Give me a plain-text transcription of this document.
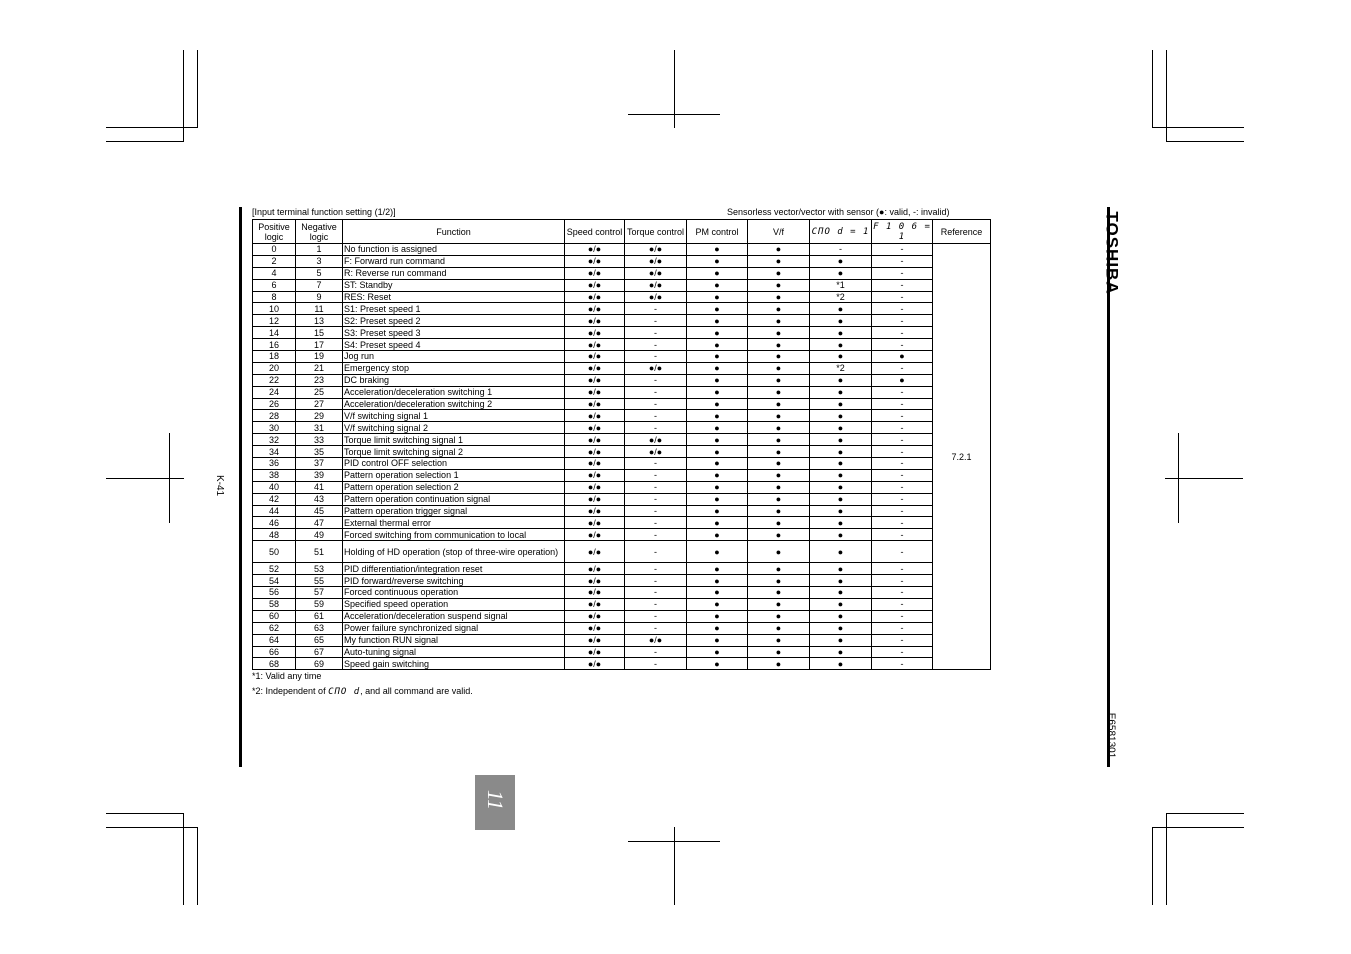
K-41
TOSHIBA
E6581301
11
[Input terminal function setting (1/2)]	Sensorless vector/vector with sensor (●: valid, -: invalid)
Positive logic	Negative logic	Function	Speed control	Torque control	PM control	V/f	СПО d = 1	F 1 0 6 = 1	Reference
0	1	No function is assigned	●/●	●/●	●	●	-	-	7.2.1
2	3	F: Forward run command	●/●	●/●	●	●	●	-	
4	5	R: Reverse run command	●/●	●/●	●	●	●	-	
6	7	ST: Standby	●/●	●/●	●	●	*1	-	
8	9	RES: Reset	●/●	●/●	●	●	*2	-	
10	11	S1: Preset speed 1	●/●	-	●	●	●	-	
12	13	S2: Preset speed 2	●/●	-	●	●	●	-	
14	15	S3: Preset speed 3	●/●	-	●	●	●	-	
16	17	S4: Preset speed 4	●/●	-	●	●	●	-	
18	19	Jog run	●/●	-	●	●	●	●	
20	21	Emergency stop	●/●	●/●	●	●	*2	-	
22	23	DC braking	●/●	-	●	●	●	●	
24	25	Acceleration/deceleration switching 1	●/●	-	●	●	●	-	
26	27	Acceleration/deceleration switching 2	●/●	-	●	●	●	-	
28	29	V/f switching signal 1	●/●	-	●	●	●	-	
30	31	V/f switching signal 2	●/●	-	●	●	●	-	
32	33	Torque limit switching signal 1	●/●	●/●	●	●	●	-	
34	35	Torque limit switching signal 2	●/●	●/●	●	●	●	-	
36	37	PID control OFF selection	●/●	-	●	●	●	-	
38	39	Pattern operation selection 1	●/●	-	●	●	●	-	
40	41	Pattern operation selection 2	●/●	-	●	●	●	-	
42	43	Pattern operation continuation signal	●/●	-	●	●	●	-	
44	45	Pattern operation trigger signal	●/●	-	●	●	●	-	
46	47	External thermal error	●/●	-	●	●	●	-	
48	49	Forced switching from communication to local	●/●	-	●	●	●	-	
50	51	Holding of HD operation (stop of three-wire operation)	●/●	-	●	●	●	-	
52	53	PID differentiation/integration reset	●/●	-	●	●	●	-	
54	55	PID forward/reverse switching	●/●	-	●	●	●	-	
56	57	Forced continuous operation	●/●	-	●	●	●	-	
58	59	Specified speed operation	●/●	-	●	●	●	-	
60	61	Acceleration/deceleration suspend signal	●/●	-	●	●	●	-	
62	63	Power failure synchronized signal	●/●	-	●	●	●	-	
64	65	My function RUN signal	●/●	●/●	●	●	●	-	
66	67	Auto-tuning signal	●/●	-	●	●	●	-	
68	69	Speed gain switching	●/●	-	●	●	●	-	
*1: Valid any time
*2: Independent of СПО d, and all command are valid.
